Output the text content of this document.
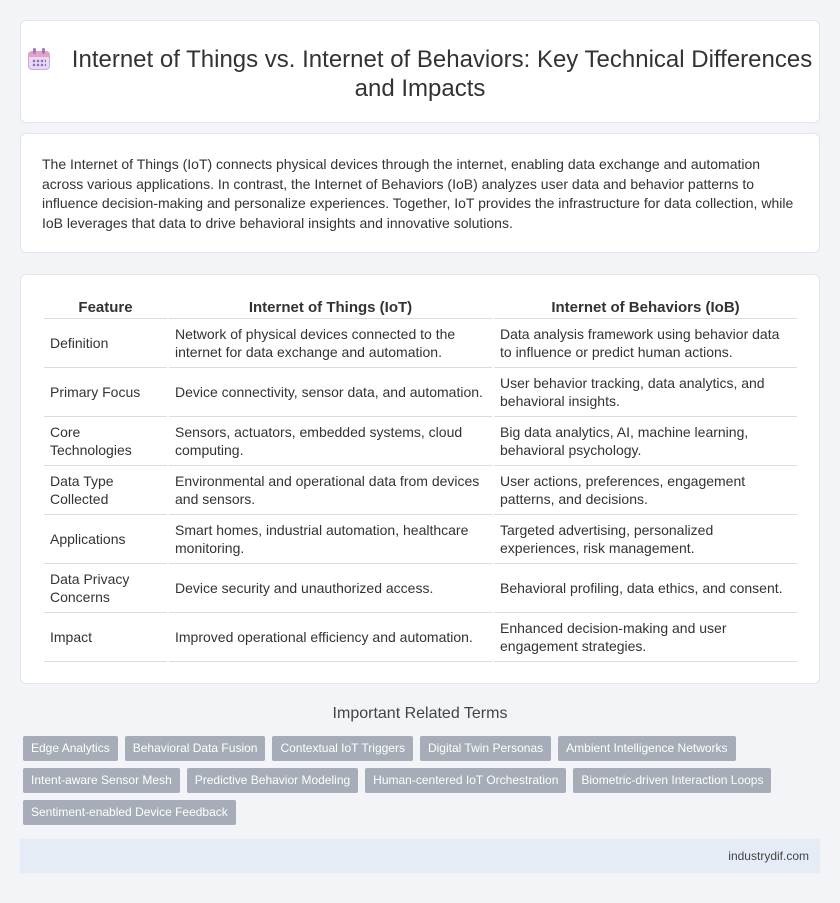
Internet of Things vs. Internet of Behaviors: Key Technical Differences and Impacts

The Internet of Things (IoT) connects physical devices through the internet, enabling data exchange and automation across various applications. In contrast, the Internet of Behaviors (IoB) analyzes user data and behavior patterns to influence decision-making and personalize experiences. Together, IoT provides the infrastructure for data collection, while IoB leverages that data to drive behavioral insights and innovative solutions.

Feature	Internet of Things (IoT)	Internet of Behaviors (IoB)
Definition	Network of physical devices connected to the internet for data exchange and automation.	Data analysis framework using behavior data to influence or predict human actions.
Primary Focus	Device connectivity, sensor data, and automation.	User behavior tracking, data analytics, and behavioral insights.
Core Technologies	Sensors, actuators, embedded systems, cloud computing.	Big data analytics, AI, machine learning, behavioral psychology.
Data Type Collected	Environmental and operational data from devices and sensors.	User actions, preferences, engagement patterns, and decisions.
Applications	Smart homes, industrial automation, healthcare monitoring.	Targeted advertising, personalized experiences, risk management.
Data Privacy Concerns	Device security and unauthorized access.	Behavioral profiling, data ethics, and consent.
Impact	Improved operational efficiency and automation.	Enhanced decision-making and user engagement strategies.
Important Related Terms
Edge Analytics	Behavioral Data Fusion	Contextual IoT Triggers	Digital Twin Personas	Ambient Intelligence Networks
Intent-aware Sensor Mesh	Predictive Behavior Modeling	Human-centered IoT Orchestration	Biometric-driven Interaction Loops
Sentiment-enabled Device Feedback
industrydif.com
